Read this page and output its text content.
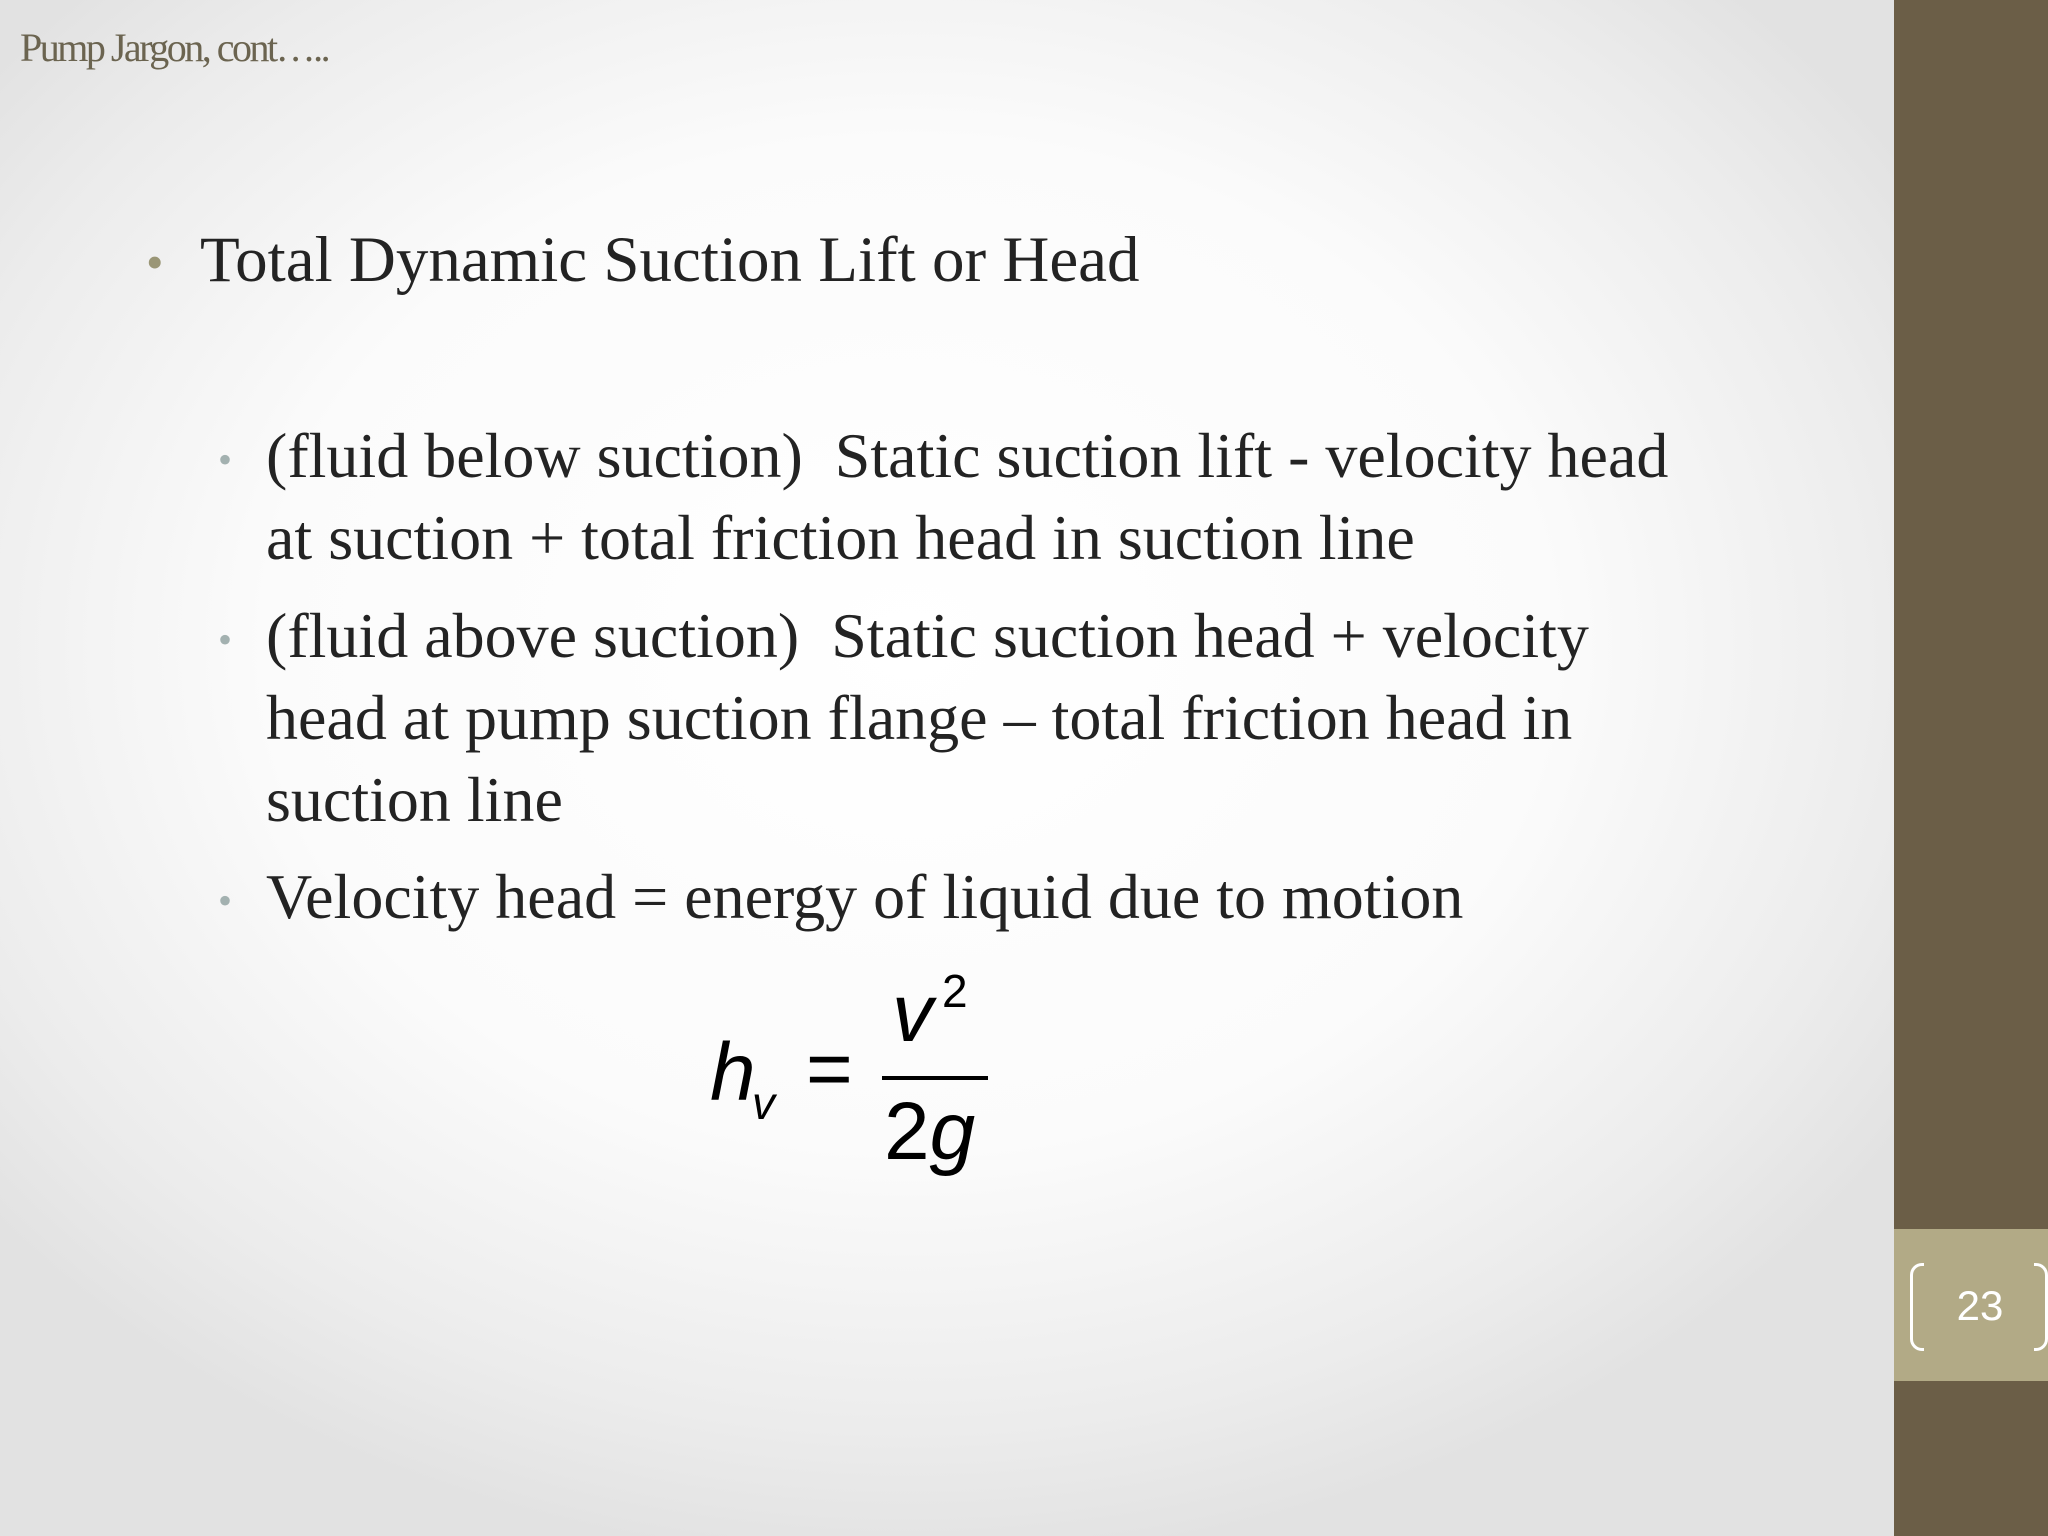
Pump Jargon, cont…..
• Total Dynamic Suction Lift or Head
• (fluid below suction)  Static suction lift - velocity head
at suction + total friction head in suction line
• (fluid above suction)  Static suction head + velocity
head at pump suction flange – total friction head in
suction line
• Velocity head = energy of liquid due to motion
h
v =
v 2
2g
23
